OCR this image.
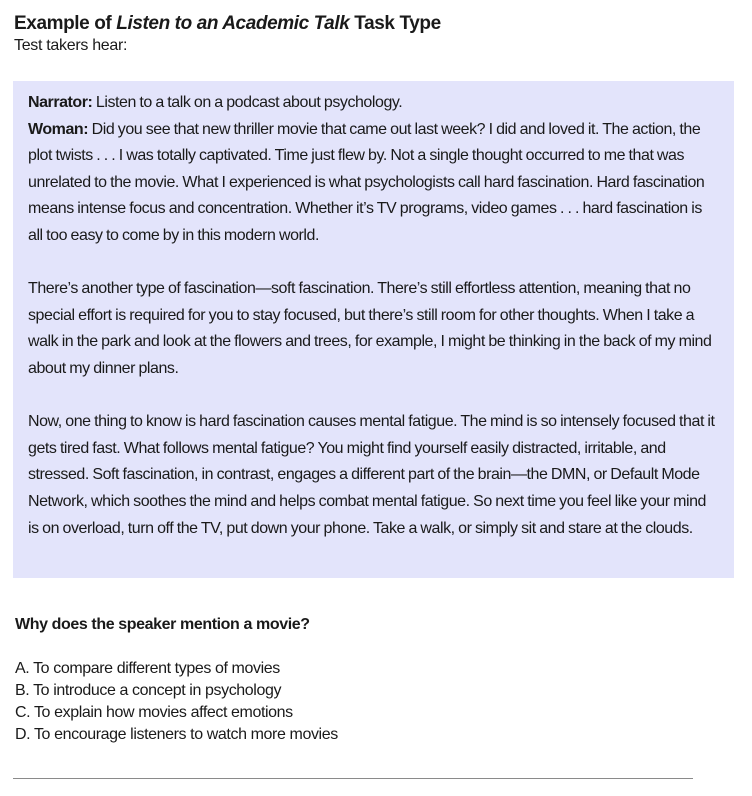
Example of Listen to an Academic Talk Task Type
Test takers hear:

Narrator: Listen to a talk on a podcast about psychology.

Woman: Did you see that new thriller movie that came out last week? I did and loved it. The action, the plot twists . . . I was totally captivated. Time just flew by. Not a single thought occurred to me that was unrelated to the movie. What I experienced is what psychologists call hard fascination. Hard fascination means intense focus and concentration. Whether it’s TV programs, video games . . . hard fascination is all too easy to come by in this modern world.

There’s another type of fascination—soft fascination. There’s still effortless attention, meaning that no special effort is required for you to stay focused, but there’s still room for other thoughts. When I take a walk in the park and look at the flowers and trees, for example, I might be thinking in the back of my mind about my dinner plans.

Now, one thing to know is hard fascination causes mental fatigue. The mind is so intensely focused that it gets tired fast. What follows mental fatigue? You might find yourself easily distracted, irritable, and stressed. Soft fascination, in contrast, engages a different part of the brain—the DMN, or Default Mode Network, which soothes the mind and helps combat mental fatigue. So next time you feel like your mind is on overload, turn off the TV, put down your phone. Take a walk, or simply sit and stare at the clouds.

Why does the speaker mention a movie?
A. To compare different types of movies
B. To introduce a concept in psychology
C. To explain how movies affect emotions
D. To encourage listeners to watch more movies
